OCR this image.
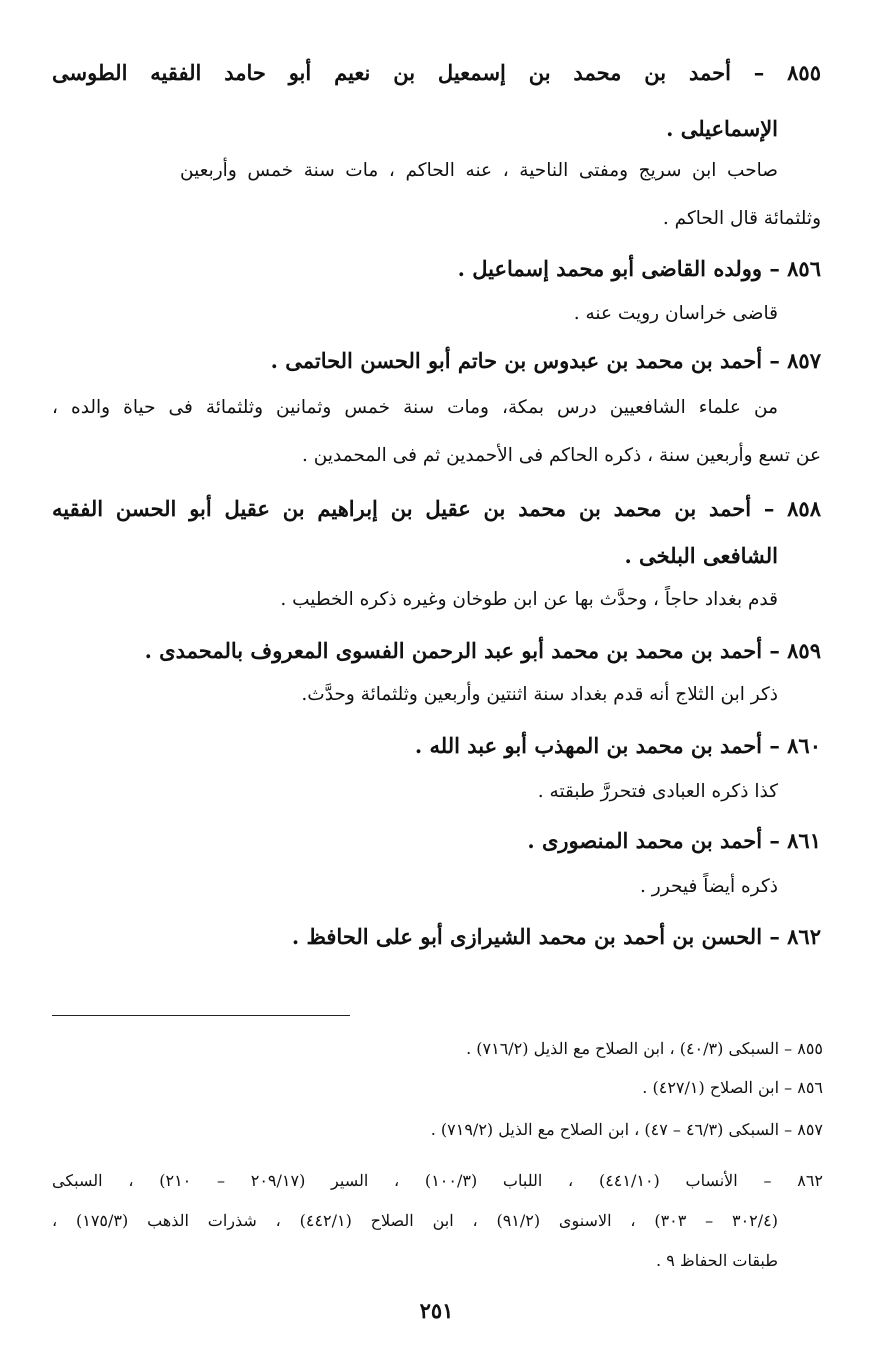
٨٥٥ – أحمد بن محمد بن إسمعيل بن نعيم أبو حامد الفقيه الطوسى
الإسماعيلى .
صاحب ابن سريج ومفتى الناحية ، عنه الحاكم ، مات سنة خمس وأربعين
وثلثمائة قال الحاكم .
٨٥٦ – وولده القاضى أبو محمد إسماعيل .
قاضى خراسان رويت عنه .
٨٥٧ – أحمد بن محمد بن عبدوس بن حاتم أبو الحسن الحاتمى .
من علماء الشافعيين درس بمكة، ومات سنة خمس وثمانين وثلثمائة فى حياة والده ،
عن تسع وأربعين سنة ، ذكره الحاكم فى الأحمدين ثم فى المحمدين .
٨٥٨ – أحمد بن محمد بن محمد بن عقيل بن إبراهيم بن عقيل أبو الحسن الفقيه
الشافعى البلخى .
قدم بغداد حاجاً ، وحدَّث بها عن ابن طوخان وغيره ذكره الخطيب .
٨٥٩ – أحمد بن محمد بن محمد أبو عبد الرحمن الفسوى المعروف بالمحمدى .
ذكر ابن الثلاج أنه قدم بغداد سنة اثنتين وأربعين وثلثمائة وحدَّث.
٨٦٠ – أحمد بن محمد بن المهذب أبو عبد الله .
كذا ذكره العبادى فتحررَّ طبقته .
٨٦١ – أحمد بن محمد المنصورى .
ذكره أيضاً فيحرر .
٨٦٢ – الحسن بن أحمد بن محمد الشيرازى أبو على الحافظ .
٨٥٥ – السبكى (٤٠/٣) ، ابن الصلاح مع الذيل (٧١٦/٢) .
٨٥٦ – ابن الصلاح (٤٢٧/١) .
٨٥٧ – السبكى (٤٦/٣ – ٤٧) ، ابن الصلاح مع الذيل (٧١٩/٢) .
٨٦٢ – الأنساب (٤٤١/١٠) ، اللباب (١٠٠/٣) ، السير (٢٠٩/١٧ – ٢١٠) ، السبكى
(٣٠٢/٤ – ٣٠٣) ، الاسنوى (٩١/٢) ، ابن الصلاح (٤٤٢/١) ، شذرات الذهب (١٧٥/٣) ،
طبقات الحفاظ ٩ .
٢٥١
